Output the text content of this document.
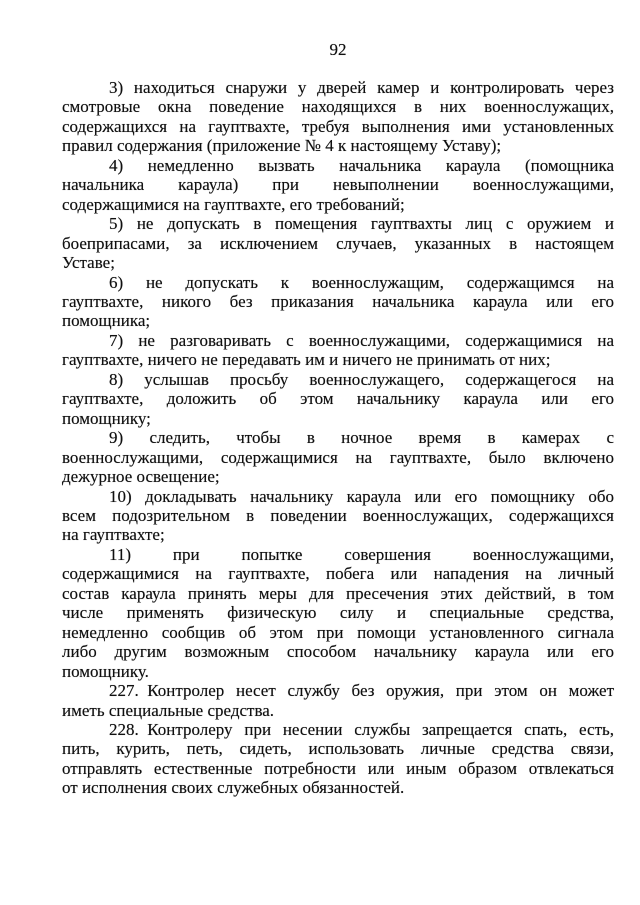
92
3) находиться снаружи у дверей камер и контролировать через
смотровые окна поведение находящихся в них военнослужащих,
содержащихся на гауптвахте, требуя выполнения ими установленных
правил содержания (приложение № 4 к настоящему Уставу);
4) немедленно вызвать начальника караула (помощника
начальника караула) при невыполнении военнослужащими,
содержащимися на гауптвахте, его требований;
5) не допускать в помещения гауптвахты лиц с оружием и
боеприпасами, за исключением случаев, указанных в настоящем
Уставе;
6) не допускать к военнослужащим, содержащимся на
гауптвахте, никого без приказания начальника караула или его
помощника;
7) не разговаривать с военнослужащими, содержащимися на
гауптвахте, ничего не передавать им и ничего не принимать от них;
8) услышав просьбу военнослужащего, содержащегося на
гауптвахте, доложить об этом начальнику караула или его
помощнику;
9) следить, чтобы в ночное время в камерах с
военнослужащими, содержащимися на гауптвахте, было включено
дежурное освещение;
10) докладывать начальнику караула или его помощнику обо
всем подозрительном в поведении военнослужащих, содержащихся
на гауптвахте;
11) при попытке совершения военнослужащими,
содержащимися на гауптвахте, побега или нападения на личный
состав караула принять меры для пресечения этих действий, в том
числе применять физическую силу и специальные средства,
немедленно сообщив об этом при помощи установленного сигнала
либо другим возможным способом начальнику караула или его
помощнику.
227. Контролер несет службу без оружия, при этом он может
иметь специальные средства.
228. Контролеру при несении службы запрещается спать, есть,
пить, курить, петь, сидеть, использовать личные средства связи,
отправлять естественные потребности или иным образом отвлекаться
от исполнения своих служебных обязанностей.
